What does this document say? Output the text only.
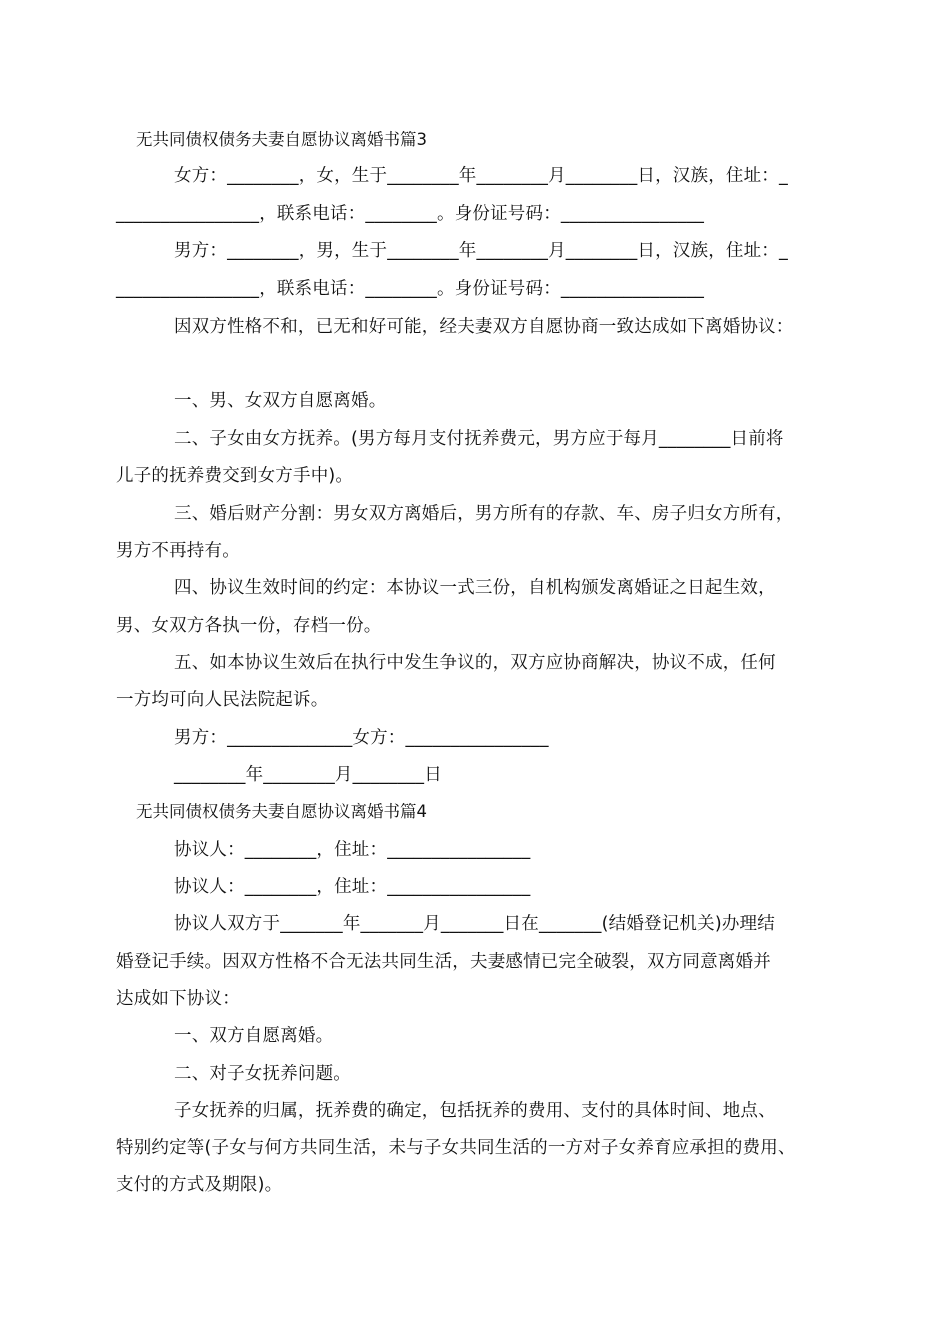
无共同债权债务夫妻自愿协议离婚书篇3
女方：________，女，生于________年________月________日，汉族，住址：_
________________，联系电话：________。身份证号码：________________
男方：________，男，生于________年________月________日，汉族，住址：_
________________，联系电话：________。身份证号码：________________
因双方性格不和，已无和好可能，经夫妻双方自愿协商一致达成如下离婚协议：
一、男、女双方自愿离婚。
二、子女由女方抚养。(男方每月支付抚养费元，男方应于每月________日前将
儿子的抚养费交到女方手中)。
三、婚后财产分割：男女双方离婚后，男方所有的存款、车、房子归女方所有，
男方不再持有。
四、协议生效时间的约定：本协议一式三份，自机构颁发离婚证之日起生效，
男、女双方各执一份，存档一份。
五、如本协议生效后在执行中发生争议的，双方应协商解决，协议不成，任何
一方均可向人民法院起诉。
男方：______________女方：________________
________年________月________日
无共同债权债务夫妻自愿协议离婚书篇4
协议人：________，住址：________________
协议人：________，住址：________________
协议人双方于_______年_______月_______日在_______(结婚登记机关)办理结
婚登记手续。因双方性格不合无法共同生活，夫妻感情已完全破裂，双方同意离婚并
达成如下协议：
一、双方自愿离婚。
二、对子女抚养问题。
子女抚养的归属，抚养费的确定，包括抚养的费用、支付的具体时间、地点、
特别约定等(子女与何方共同生活，未与子女共同生活的一方对子女养育应承担的费用、
支付的方式及期限)。
